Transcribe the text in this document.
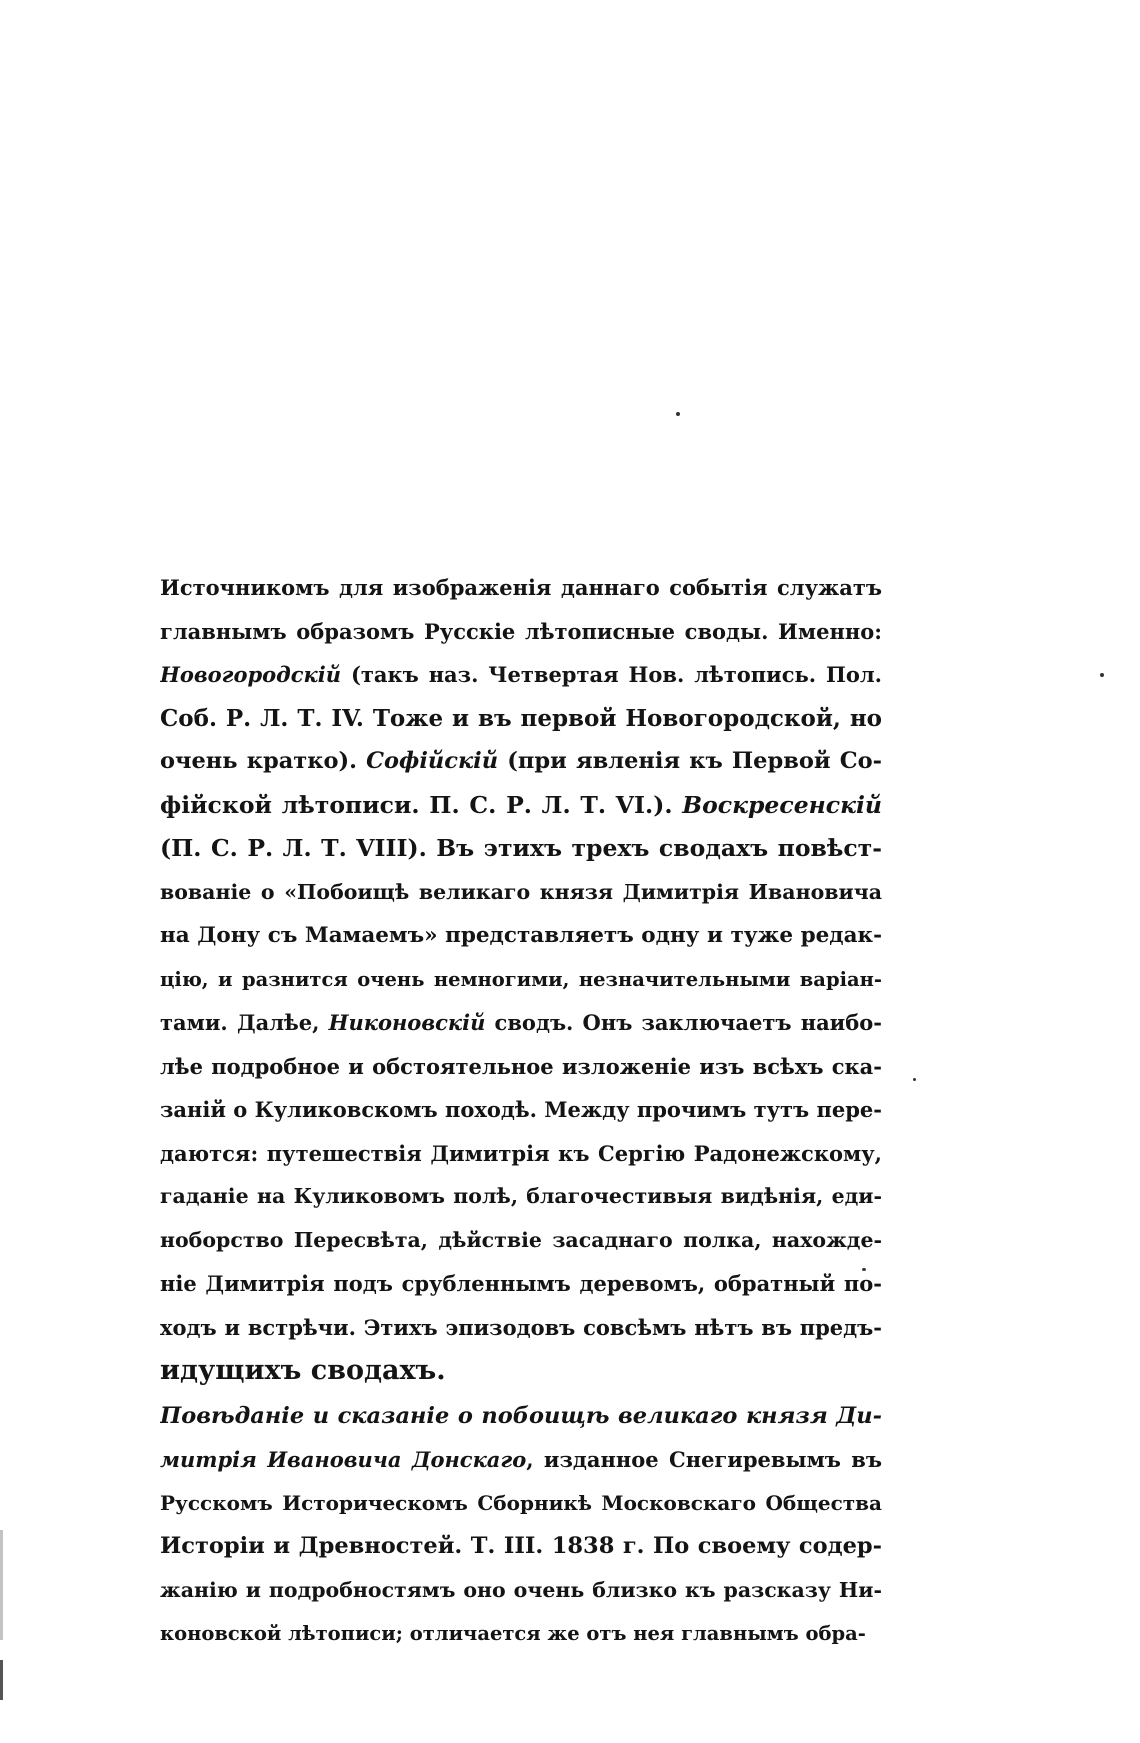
Источникомъ для изображенія даннаго событія служатъ
главнымъ образомъ Русскіе лѣтописные своды. Именно:
Новогородскій (такъ наз. Четвертая Нов. лѣтопись. Пол.
Соб. Р. Л. Т. IV. Тоже и въ первой Новогородской, но
очень кратко). Софійскій (при явленія къ Первой Со-
фійской лѣтописи. П. С. Р. Л. Т. VI.). Воскресенскій
(П. С. Р. Л. Т. VIII). Въ этихъ трехъ сводахъ повѣст-
вованіе о «Побоищѣ великаго князя Димитрія Ивановича
на Дону съ Мамаемъ» представляетъ одну и туже редак-
цію, и разнится очень немногими, незначительными варіан-
тами. Далѣе, Никоновскій сводъ. Онъ заключаетъ наибо-
лѣе подробное и обстоятельное изложеніе изъ всѣхъ ска-
заній о Куликовскомъ походѣ. Между прочимъ тутъ пере-
даются: путешествія Димитрія къ Сергію Радонежскому,
гаданіе на Куликовомъ полѣ, благочестивыя видѣнія, еди-
ноборство Пересвѣта, дѣйствіе засаднаго полка, нахожде-
ніе Димитрія подъ срубленнымъ деревомъ, обратный по-
ходъ и встрѣчи. Этихъ эпизодовъ совсѣмъ нѣтъ въ предъ-
идущихъ сводахъ.
Повѣданіе и сказаніе о побоищѣ великаго князя Ди-
митрія Ивановича Донскаго, изданное Снегиревымъ въ
Русскомъ Историческомъ Сборникѣ Московскаго Общества
Исторіи и Древностей. Т. III. 1838 г. По своему содер-
жанію и подробностямъ оно очень близко къ разсказу Ни-
коновской лѣтописи; отличается же отъ нея главнымъ обра-
